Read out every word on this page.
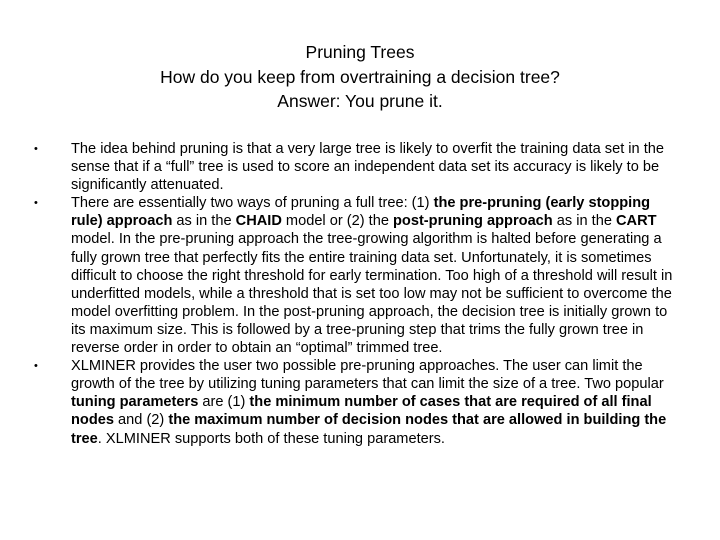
Pruning Trees
How do you keep from overtraining a decision tree?
Answer: You prune it.
• The idea behind pruning is that a very large tree is likely to overfit the training data set in the sense that if a “full” tree is used to score an independent data set its accuracy is likely to be significantly attenuated.
• There are essentially two ways of pruning a full tree: (1) the pre-pruning (early stopping rule) approach as in the CHAID model or (2) the post-pruning approach as in the CART model. In the pre-pruning approach the tree-growing algorithm is halted before generating a fully grown tree that perfectly fits the entire training data set. Unfortunately, it is sometimes difficult to choose the right threshold for early termination. Too high of a threshold will result in underfitted models, while a threshold that is set too low may not be sufficient to overcome the model overfitting problem. In the post-pruning approach, the decision tree is initially grown to its maximum size. This is followed by a tree-pruning step that trims the fully grown tree in reverse order in order to obtain an “optimal” trimmed tree.
• XLMINER provides the user two possible pre-pruning approaches. The user can limit the growth of the tree by utilizing tuning parameters that can limit the size of a tree. Two popular tuning parameters are (1) the minimum number of cases that are required of all final nodes and (2) the maximum number of decision nodes that are allowed in building the tree. XLMINER supports both of these tuning parameters.
